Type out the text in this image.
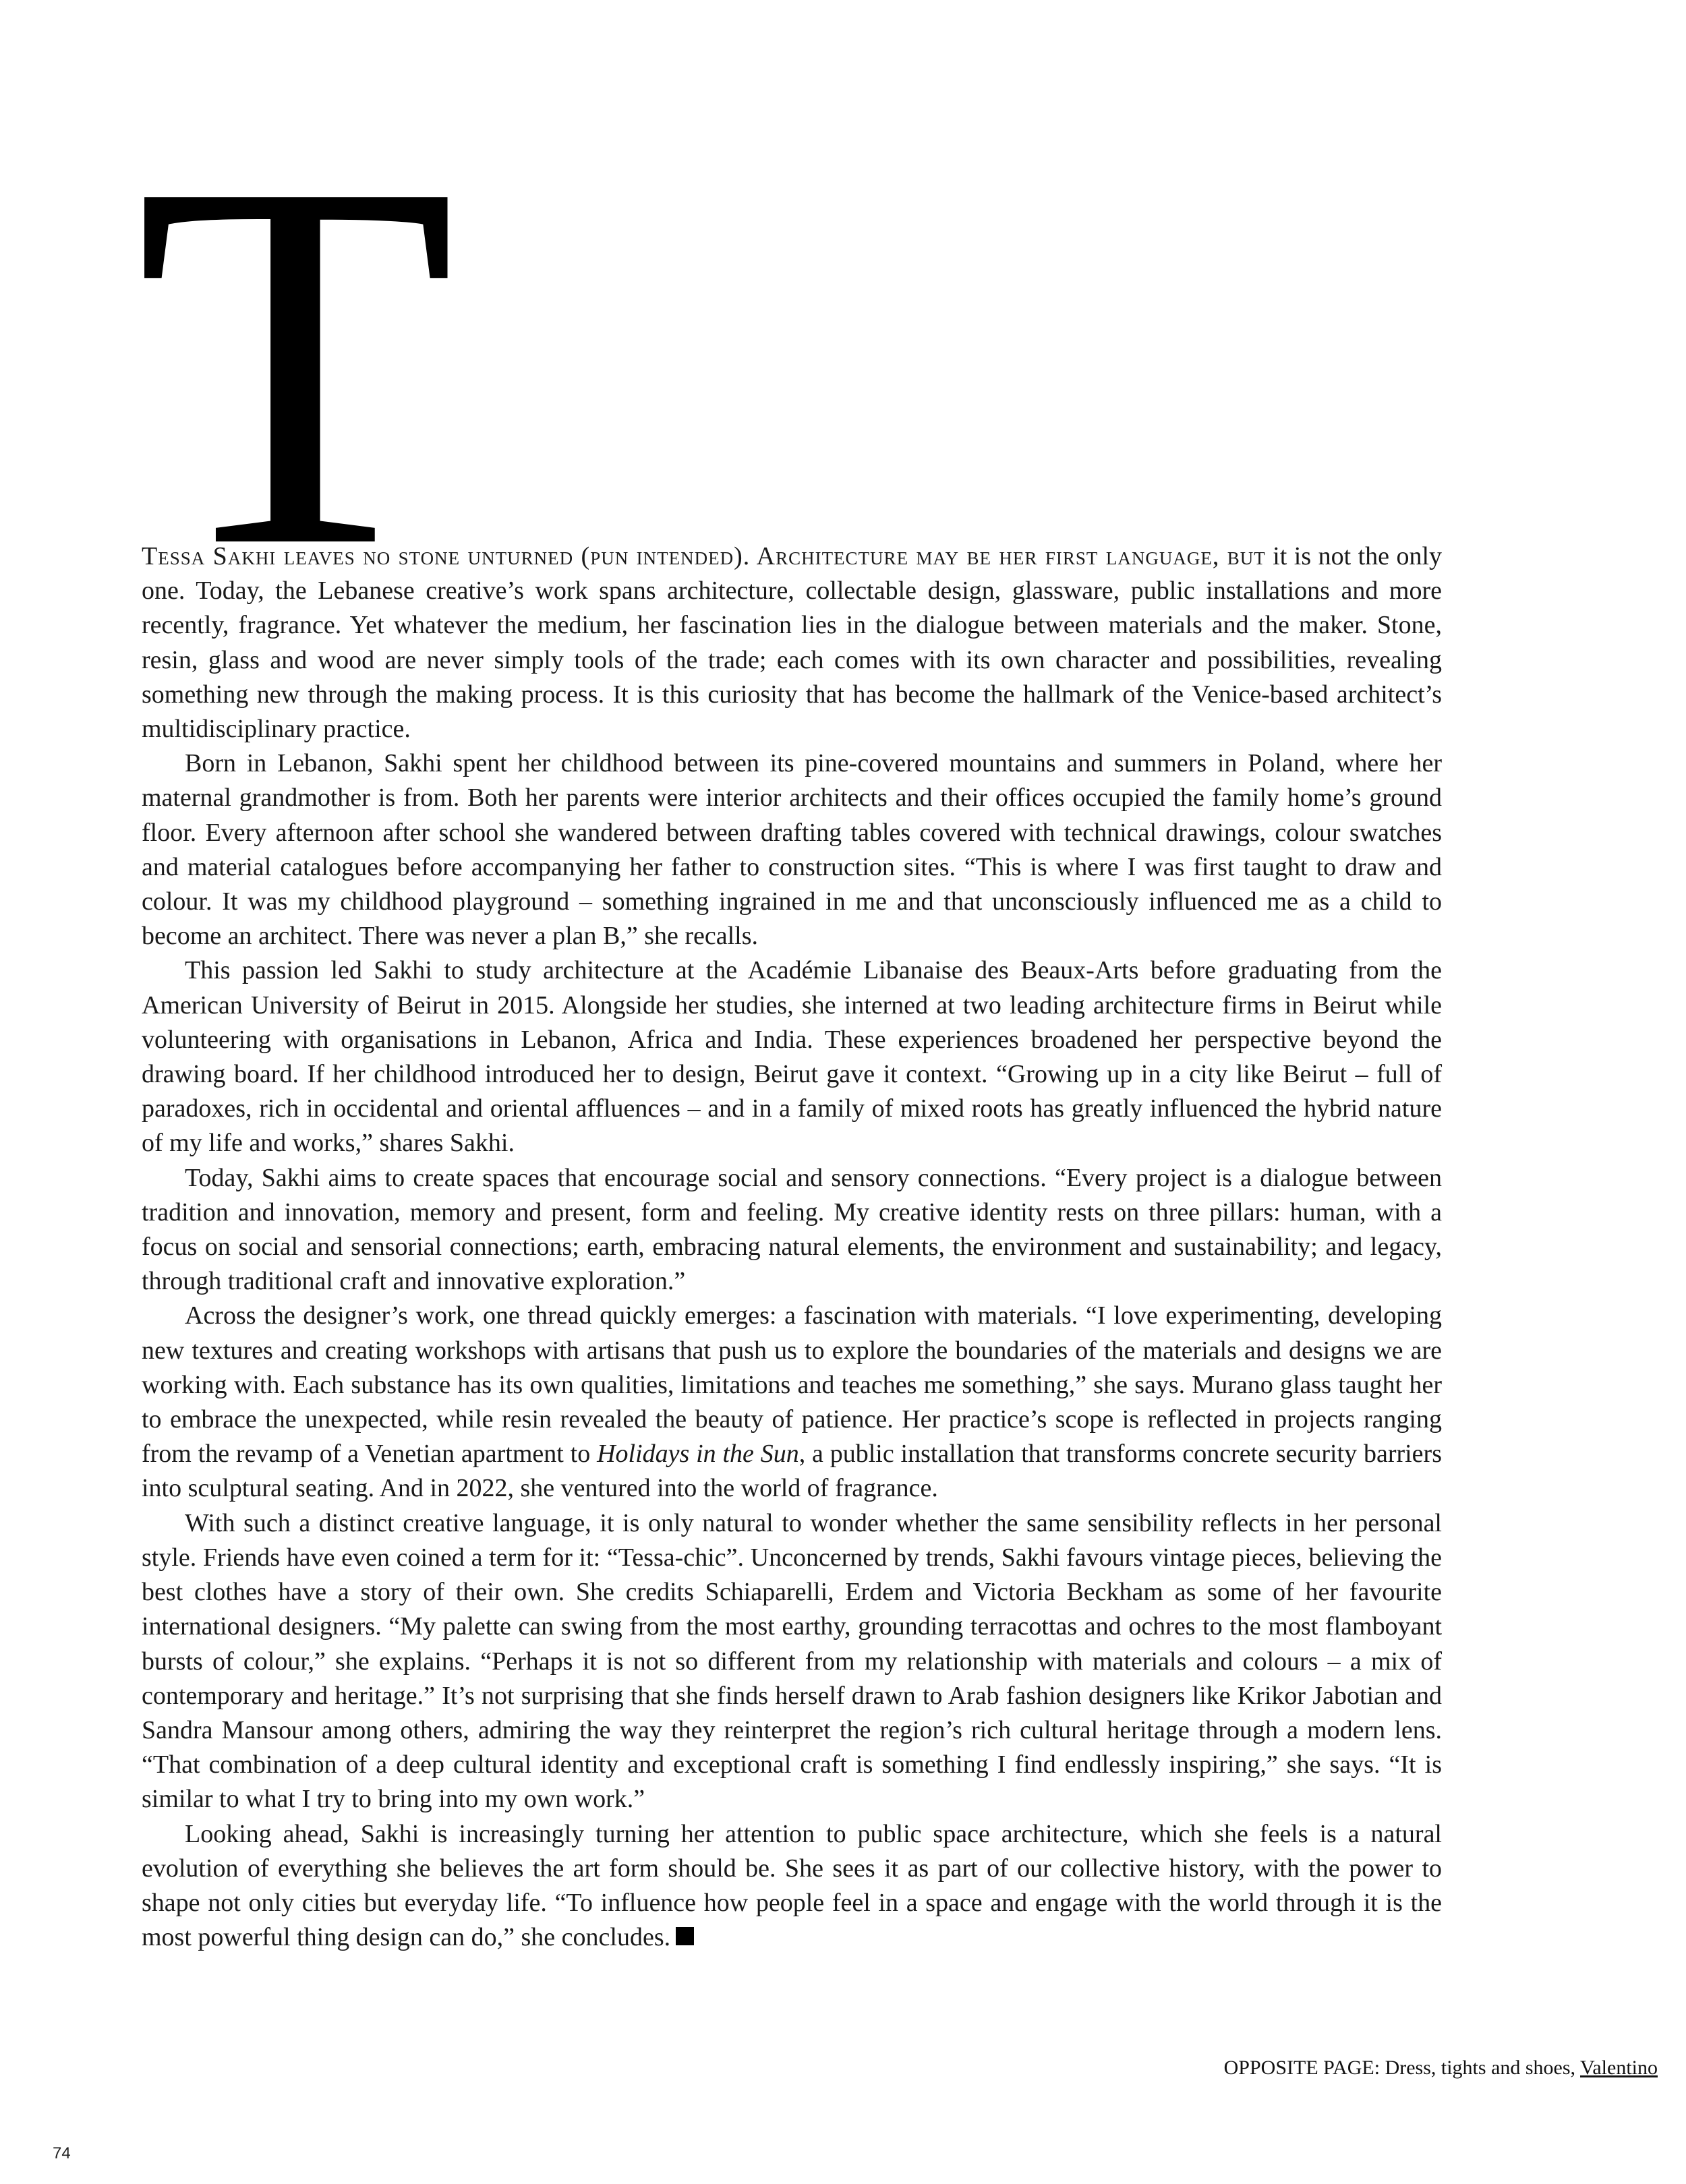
T

Tessa Sakhi leaves no stone unturned (pun intended). Architecture may be her first language, but it is not the only one. Today, the Lebanese creative’s work spans architecture, collectable design, glassware, public installations and more recently, fragrance. Yet whatever the medium, her fascination lies in the dialogue between materials and the maker. Stone, resin, glass and wood are never simply tools of the trade; each comes with its own character and possibilities, revealing something new through the making process. It is this curiosity that has become the hallmark of the Venice-based architect’s multidisciplinary practice.

Born in Lebanon, Sakhi spent her childhood between its pine-covered mountains and summers in Poland, where her maternal grandmother is from. Both her parents were interior architects and their offices occupied the family home’s ground floor. Every afternoon after school she wandered between drafting tables covered with technical drawings, colour swatches and material catalogues before accompanying her father to construction sites. “This is where I was first taught to draw and colour. It was my childhood playground – something ingrained in me and that unconsciously influenced me as a child to become an architect. There was never a plan B,” she recalls.

This passion led Sakhi to study architecture at the Académie Libanaise des Beaux-Arts before graduating from the American University of Beirut in 2015. Alongside her studies, she interned at two leading architecture firms in Beirut while volunteering with organisations in Lebanon, Africa and India. These experiences broadened her perspective beyond the drawing board. If her childhood introduced her to design, Beirut gave it context. “Growing up in a city like Beirut – full of paradoxes, rich in occidental and oriental affluences – and in a family of mixed roots has greatly influenced the hybrid nature of my life and works,” shares Sakhi.

Today, Sakhi aims to create spaces that encourage social and sensory connections. “Every project is a dialogue between tradition and innovation, memory and present, form and feeling. My creative identity rests on three pillars: human, with a focus on social and sensorial connections; earth, embracing natural elements, the environment and sustainability; and legacy, through traditional craft and innovative exploration.”

Across the designer’s work, one thread quickly emerges: a fascination with materials. “I love experimenting, developing new textures and creating workshops with artisans that push us to explore the boundaries of the materials and designs we are working with. Each substance has its own qualities, limitations and teaches me something,” she says. Murano glass taught her to embrace the unexpected, while resin revealed the beauty of patience. Her practice’s scope is reflected in projects ranging from the revamp of a Venetian apartment to Holidays in the Sun, a public installation that transforms concrete security barriers into sculptural seating. And in 2022, she ventured into the world of fragrance.

With such a distinct creative language, it is only natural to wonder whether the same sensibility reflects in her personal style. Friends have even coined a term for it: “Tessa-chic”. Unconcerned by trends, Sakhi favours vintage pieces, believing the best clothes have a story of their own. She credits Schiaparelli, Erdem and Victoria Beckham as some of her favourite international designers. “My palette can swing from the most earthy, grounding terracottas and ochres to the most flamboyant bursts of colour,” she explains. “Perhaps it is not so different from my relationship with materials and colours – a mix of contemporary and heritage.” It’s not surprising that she finds herself drawn to Arab fashion designers like Krikor Jabotian and Sandra Mansour among others, admiring the way they reinterpret the region’s rich cultural heritage through a modern lens. “That combination of a deep cultural identity and exceptional craft is something I find endlessly inspiring,” she says. “It is similar to what I try to bring into my own work.”

Looking ahead, Sakhi is increasingly turning her attention to public space architecture, which she feels is a natural evolution of everything she believes the art form should be. She sees it as part of our collective history, with the power to shape not only cities but everyday life. “To influence how people feel in a space and engage with the world through it is the most powerful thing design can do,” she concludes.

OPPOSITE PAGE: Dress, tights and shoes, Valentino
74
